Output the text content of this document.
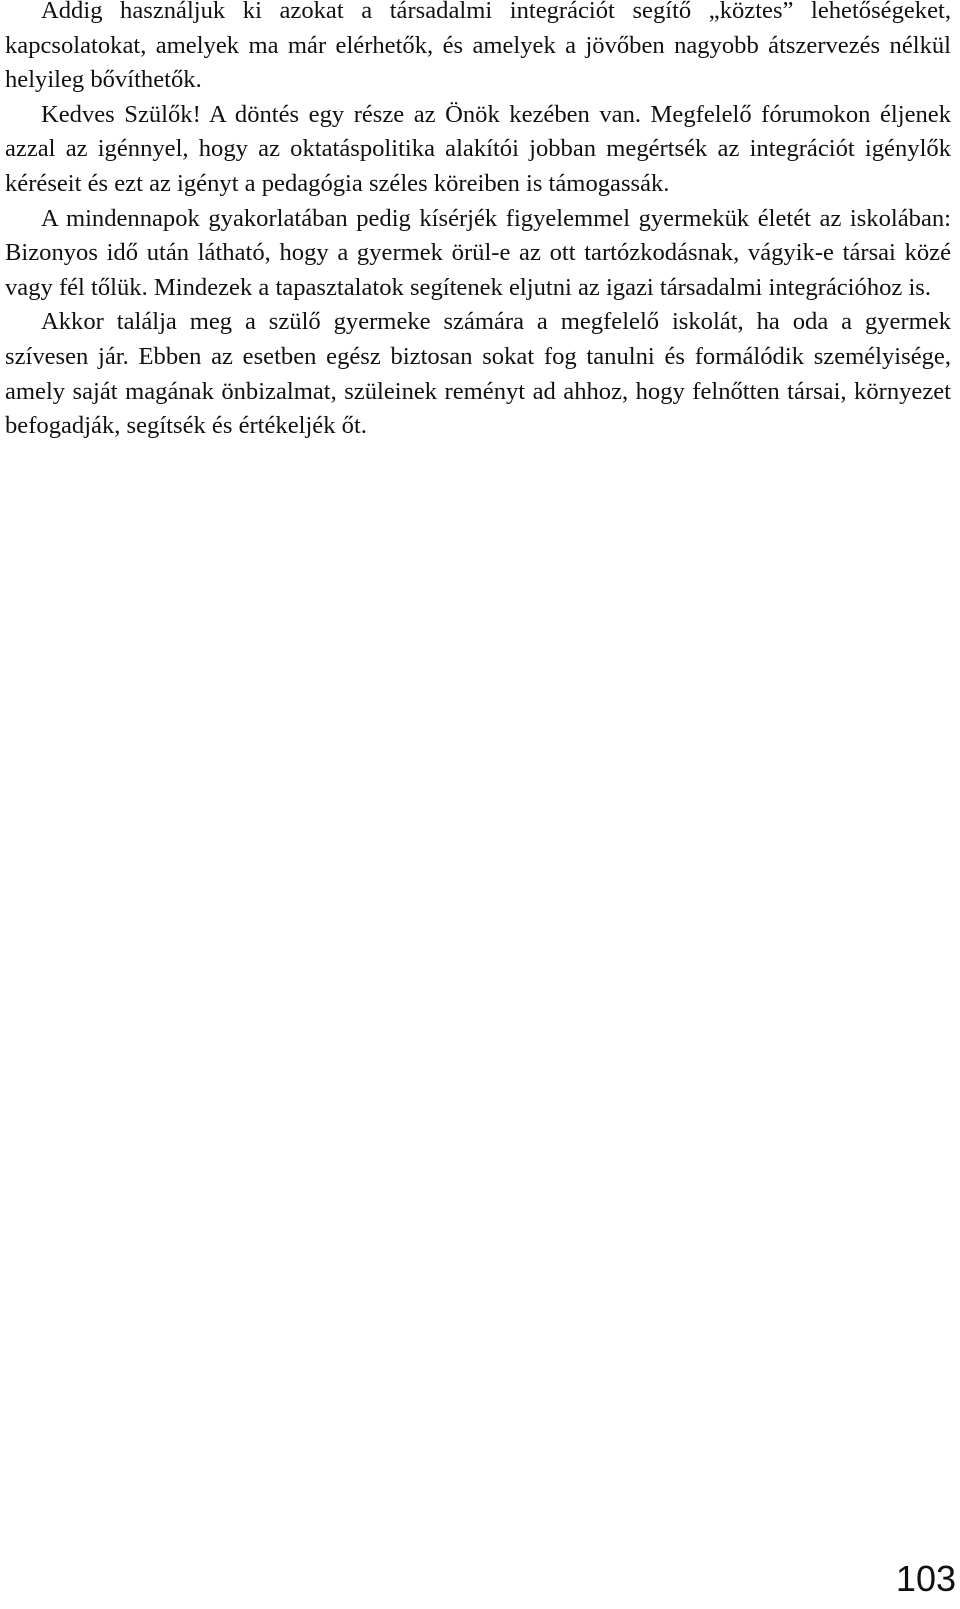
Addig használjuk ki azokat a társadalmi integrációt segítő „köztes” lehetőségeket, kapcsolatokat, amelyek ma már elérhetők, és amelyek a jövőben nagyobb átszervezés nélkül helyileg bővíthetők.

Kedves Szülők! A döntés egy része az Önök kezében van. Megfelelő fórumokon éljenek azzal az igénnyel, hogy az oktatáspolitika alakítói jobban megértsék az integrációt igénylők kéréseit és ezt az igényt a pedagógia széles köreiben is támogassák.

A mindennapok gyakorlatában pedig kísérjék figyelemmel gyermekük életét az iskolában: Bizonyos idő után látható, hogy a gyermek örül-e az ott tartózkodásnak, vágyik-e társai közé vagy fél tőlük. Mindezek a tapasztalatok segítenek eljutni az igazi társadalmi integrációhoz is.

Akkor találja meg a szülő gyermeke számára a megfelelő iskolát, ha oda a gyermek szívesen jár. Ebben az esetben egész biztosan sokat fog tanulni és formálódik személyisége, amely saját magának önbizalmat, szüleinek reményt ad ahhoz, hogy felnőtten társai, környezet befogadják, segítsék és értékeljék őt.

103
